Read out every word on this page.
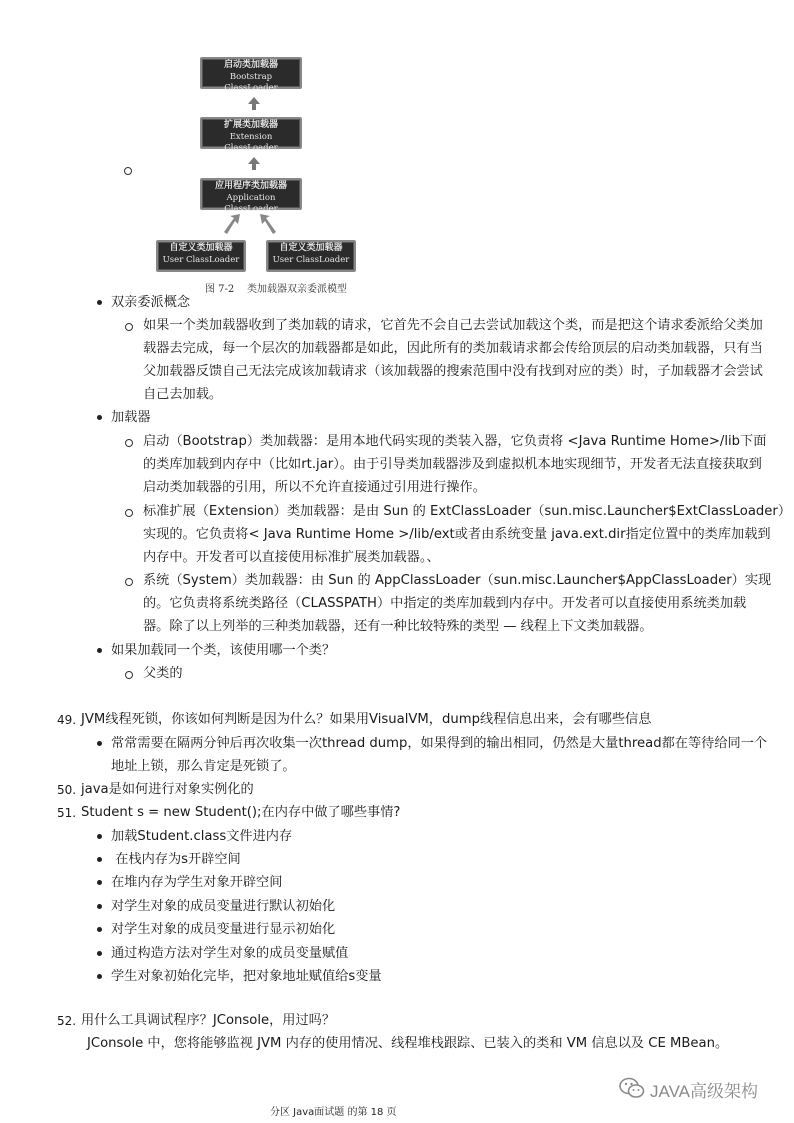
启动类加载器
Bootstrap ClassLoader
扩展类加载器
Extension ClassLoader
应用程序类加载器
Application ClassLoader
自定义类加载器
User ClassLoader
自定义类加载器
User ClassLoader
图 7-2    类加载器双亲委派模型
双亲委派概念
如果一个类加载器收到了类加载的请求，它首先不会自己去尝试加载这个类，而是把这个请求委派给父类加
载器去完成，每一个层次的加载器都是如此，因此所有的类加载请求都会传给顶层的启动类加载器，只有当
父加载器反馈自己无法完成该加载请求（该加载器的搜索范围中没有找到对应的类）时，子加载器才会尝试
自己去加载。
加载器
启动（Bootstrap）类加载器：是用本地代码实现的类装入器，它负责将 <Java Runtime Home>/lib下面
的类库加载到内存中（比如rt.jar）。由于引导类加载器涉及到虚拟机本地实现细节，开发者无法直接获取到
启动类加载器的引用，所以不允许直接通过引用进行操作。
标准扩展（Extension）类加载器：是由 Sun 的 ExtClassLoader（sun.misc.Launcher$ExtClassLoader）
实现的。它负责将< Java Runtime Home >/lib/ext或者由系统变量 java.ext.dir指定位置中的类库加载到
内存中。开发者可以直接使用标准扩展类加载器。、
系统（System）类加载器：由 Sun 的 AppClassLoader（sun.misc.Launcher$AppClassLoader）实现
的。它负责将系统类路径（CLASSPATH）中指定的类库加载到内存中。开发者可以直接使用系统类加载
器。除了以上列举的三种类加载器，还有一种比较特殊的类型 — 线程上下文类加载器。
如果加载同一个类，该使用哪一个类？
父类的
49. JVM线程死锁，你该如何判断是因为什么？如果用VisualVM，dump线程信息出来，会有哪些信息
常常需要在隔两分钟后再次收集一次thread dump，如果得到的输出相同，仍然是大量thread都在等待给同一个
地址上锁，那么肯定是死锁了。
50. java是如何进行对象实例化的
51. Student s = new Student();在内存中做了哪些事情?
加载Student.class文件进内存
在栈内存为s开辟空间
在堆内存为学生对象开辟空间
对学生对象的成员变量进行默认初始化
对学生对象的成员变量进行显示初始化
通过构造方法对学生对象的成员变量赋值
学生对象初始化完毕，把对象地址赋值给s变量
52. 用什么工具调试程序？JConsole，用过吗？
JConsole 中，您将能够监视 JVM 内存的使用情况、线程堆栈跟踪、已装入的类和 VM 信息以及 CE MBean。
JAVA高级架构
分区 Java面试题 的第 18 页
